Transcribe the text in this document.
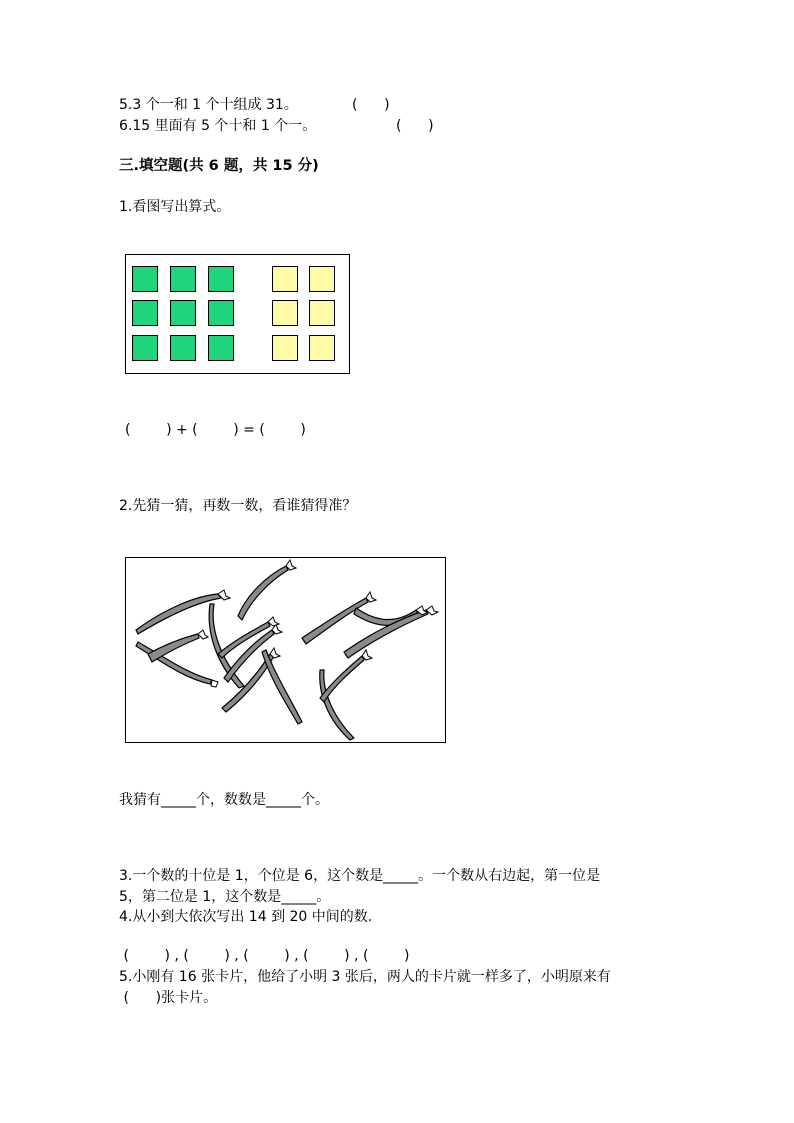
5.3 个一和 1 个十组成 31。	(      )
6.15 里面有 5 个十和 1 个一。	(      )
三.填空题(共 6 题，共 15 分)
1.看图写出算式。
(        ) + (        ) = (        )
2.先猜一猜，再数一数，看谁猜得准？
我猜有_____个，数数是_____个。
3.一个数的十位是 1，个位是 6，这个数是_____。一个数从右边起，第一位是
5，第二位是 1，这个数是_____。
4.从小到大依次写出 14 到 20 中间的数.
(        ) , (        ) , (        ) , (        ) , (        )
5.小刚有 16 张卡片，他给了小明 3 张后，两人的卡片就一样多了，小明原来有
(      )张卡片。
